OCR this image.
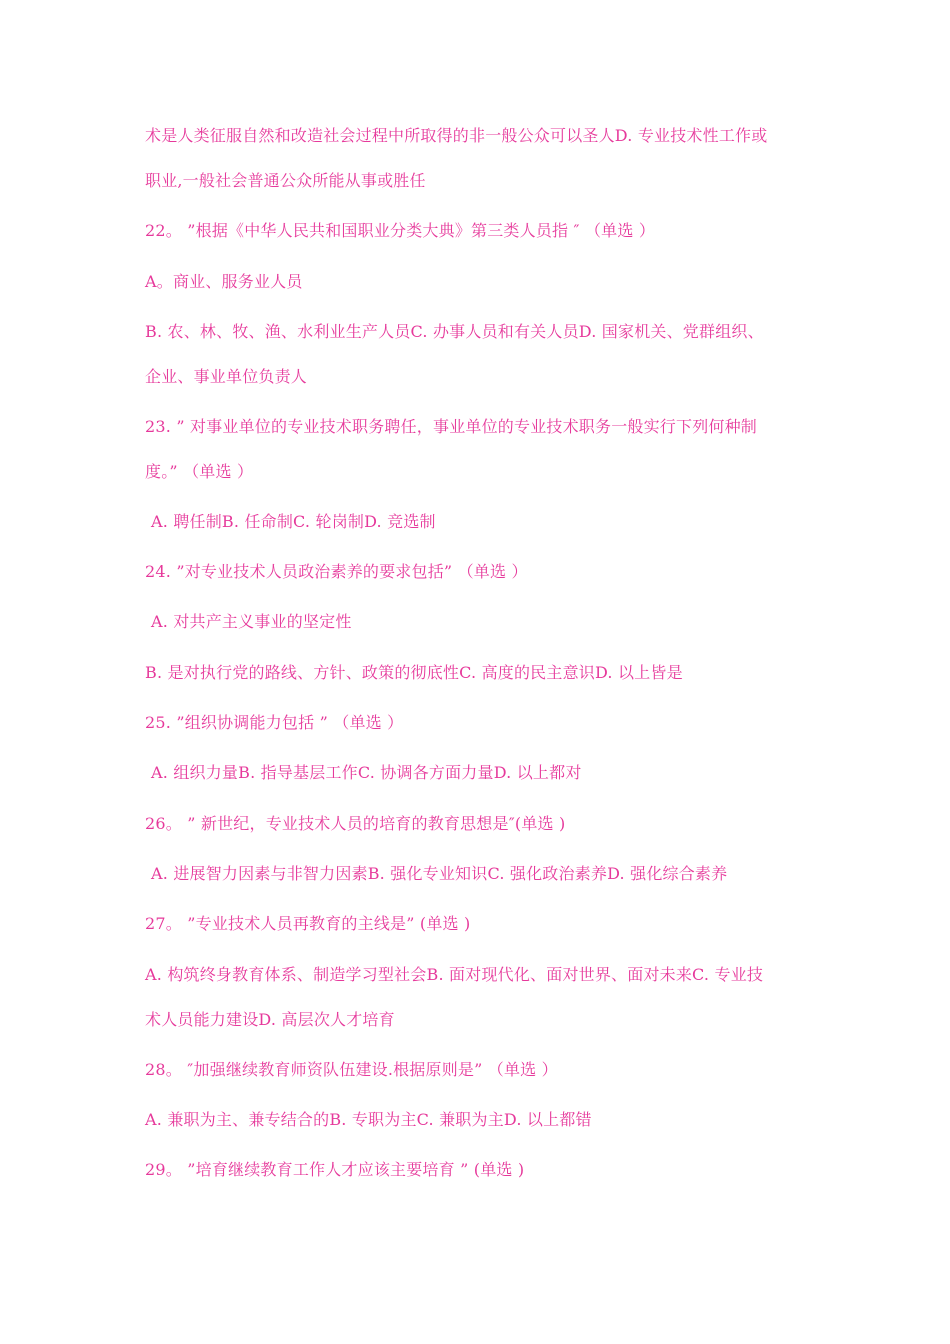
术是人类征服自然和改造社会过程中所取得的非一般公众可以圣人D. 专业技术性工作或
职业,一般社会普通公众所能从事或胜任
22。 ”根据《中华人民共和国职业分类大典》第三类人员指 ″ （单选 ）
A。商业、服务业人员
B. 农、林、牧、渔、水利业生产人员C. 办事人员和有关人员D. 国家机关、党群组织、
企业、事业单位负责人
23. ” 对事业单位的专业技术职务聘任，事业单位的专业技术职务一般实行下列何种制
度。” （单选 ）
A. 聘任制B. 任命制C. 轮岗制D. 竞选制
24. ”对专业技术人员政治素养的要求包括” （单选 ）
A. 对共产主义事业的坚定性
B. 是对执行党的路线、方针、政策的彻底性C. 高度的民主意识D. 以上皆是
25. ”组织协调能力包括 ” （单选 ）
A. 组织力量B. 指导基层工作C. 协调各方面力量D. 以上都对
26。 ” 新世纪，专业技术人员的培育的教育思想是″(单选 )
A. 进展智力因素与非智力因素B. 强化专业知识C. 强化政治素养D. 强化综合素养
27。 ”专业技术人员再教育的主线是” (单选 )
A. 构筑终身教育体系、制造学习型社会B. 面对现代化、面对世界、面对未来C. 专业技
术人员能力建设D. 高层次人才培育
28。 ″加强继续教育师资队伍建设.根据原则是” （单选 ）
A. 兼职为主、兼专结合的B. 专职为主C. 兼职为主D. 以上都错
29。 ”培育继续教育工作人才应该主要培育 ” (单选 )
